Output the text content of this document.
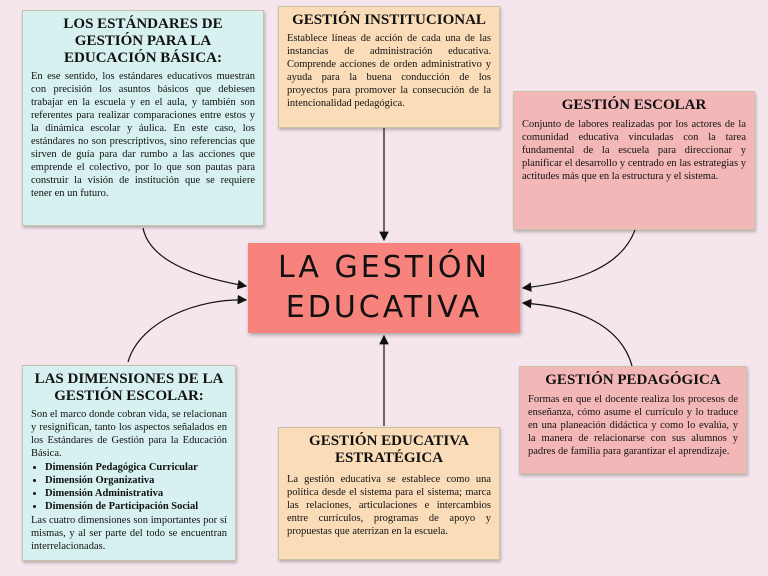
LOS ESTÁNDARES DE GESTIÓN PARA LA EDUCACIÓN BÁSICA:

En ese sentido, los estándares educativos muestran con precisión los asuntos básicos que debiesen trabajar en la escuela y en el aula, y también son referentes para realizar comparaciones entre estos y la dinámica escolar y áulica. En este caso, los estándares no son prescriptivos, sino referencias que sirven de guía para dar rumbo a las acciones que emprende el colectivo, por lo que son pautas para construir la visión de institución que se requiere tener en un futuro.

GESTIÓN INSTITUCIONAL

Establece líneas de acción de cada una de las instancias de administración educativa. Comprende acciones de orden administrativo y ayuda para la buena conducción de los proyectos para promover la consecución de la intencionalidad pedagógica.	GESTIÓN ESCOLAR

Conjunto de labores realizadas por los actores de la comunidad educativa vinculadas con la tarea fundamental de la escuela para direccionar y planificar el desarrollo y centrado en las estrategias y actitudes más que en la estructura y el sistema.

LA GESTIÓN
EDUCATIVA
LAS DIMENSIONES DE LA GESTIÓN ESCOLAR:

Son el marco donde cobran vida, se relacionan y resignifican, tanto los aspectos señalados en los Estándares de Gestión para la Educación Básica.

• Dimensión Pedagógica Curricular
• Dimensión Organizativa
• Dimensión Administrativa
• Dimensión de Participación Social

Las cuatro dimensiones son importantes por sí mismas, y al ser parte del todo se encuentran interrelacionadas.

GESTIÓN EDUCATIVA ESTRATÉGICA

La gestión educativa se establece como una política desde el sistema para el sistema; marca las relaciones, articulaciones e intercambios entre currículos, programas de apoyo y propuestas que aterrizan en la escuela.

GESTIÓN PEDAGÓGICA

Formas en que el docente realiza los procesos de enseñanza, cómo asume el currículo y lo traduce en una planeación didáctica y como lo evalúa, y la manera de relacionarse con sus alumnos y padres de familia para garantizar el aprendizaje.
